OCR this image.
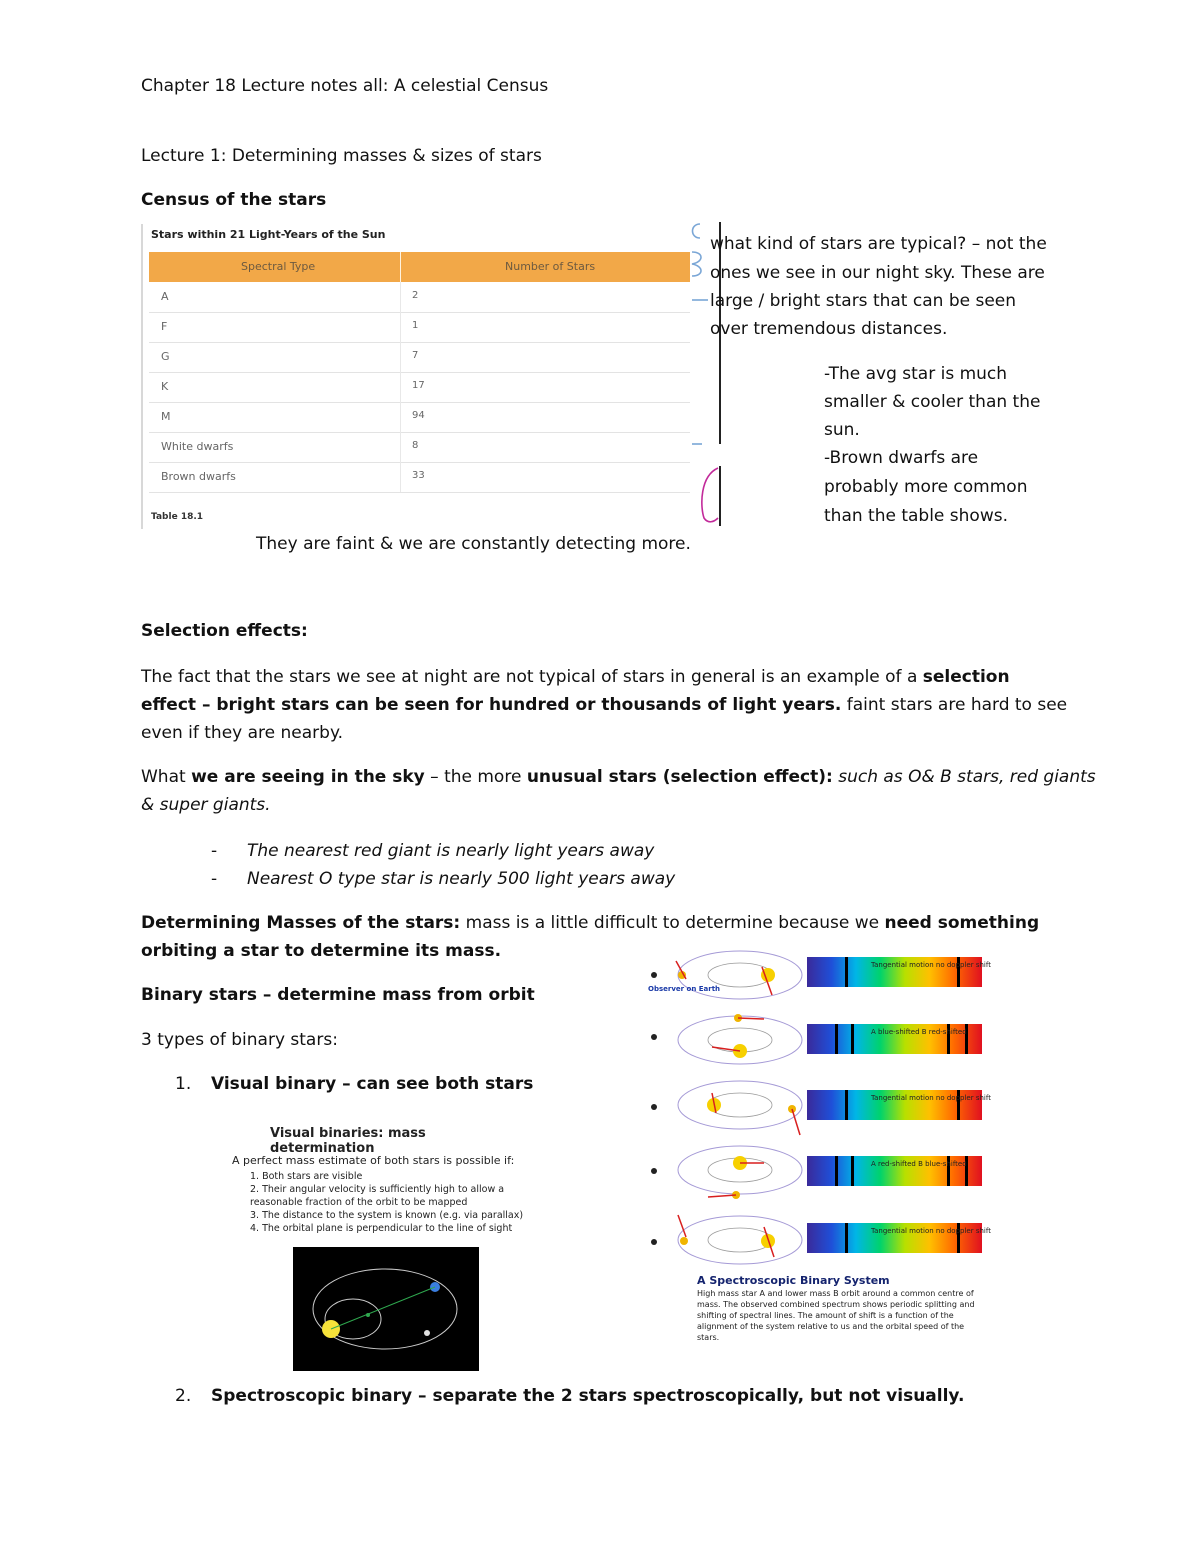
Chapter 18 Lecture notes all: A celestial Census
Lecture 1: Determining masses & sizes of stars
Census of the stars
Stars within 21 Light-Years of the Sun
Spectral Type	Number of Stars
A	2
F	1
G	7
K	17
M	94
White dwarfs	8
Brown dwarfs	33
Table 18.1
what kind of stars are typical? – not the
ones we see in our night sky. These are
large / bright stars that can be seen
over tremendous distances.
-The avg star is much
smaller & cooler than the
sun.
-Brown dwarfs are
probably more common
than the table shows.
They are faint & we are constantly detecting more.
Selection effects:
The fact that the stars we see at night are not typical of stars in general is an example of a selection
effect – bright stars can be seen for hundred or thousands of light years. faint stars are hard to see
even if they are nearby.
What we are seeing in the sky – the more unusual stars (selection effect): such as O& B stars, red giants
& super giants.
- The nearest red giant is nearly light years away
- Nearest O type star is nearly 500 light years away
Determining Masses of the stars: mass is a little difficult to determine because we need something
orbiting a star to determine its mass.
Binary stars – determine mass from orbit
3 types of binary stars:
1. Visual binary – can see both stars
Visual binaries: mass determination
A perfect mass estimate of both stars is possible if:
1. Both stars are visible
2. Their angular velocity is sufficiently high to allow a
reasonable fraction of the orbit to be mapped
3. The distance to the system is known (e.g. via parallax)
4. The orbital plane is perpendicular to the line of sight
Observer on Earth
Tangential motion no doppler shift
A blue-shifted B red-shifted
Tangential motion no doppler shift
A red-shifted B blue-shifted
Tangential motion no doppler shift
A Spectroscopic Binary System
High mass star A and lower mass B orbit around a common centre of mass. The observed combined spectrum shows periodic splitting and shifting of spectral lines. The amount of shift is a function of the alignment of the system relative to us and the orbital speed of the stars.
2. Spectroscopic binary – separate the 2 stars spectroscopically, but not visually.
